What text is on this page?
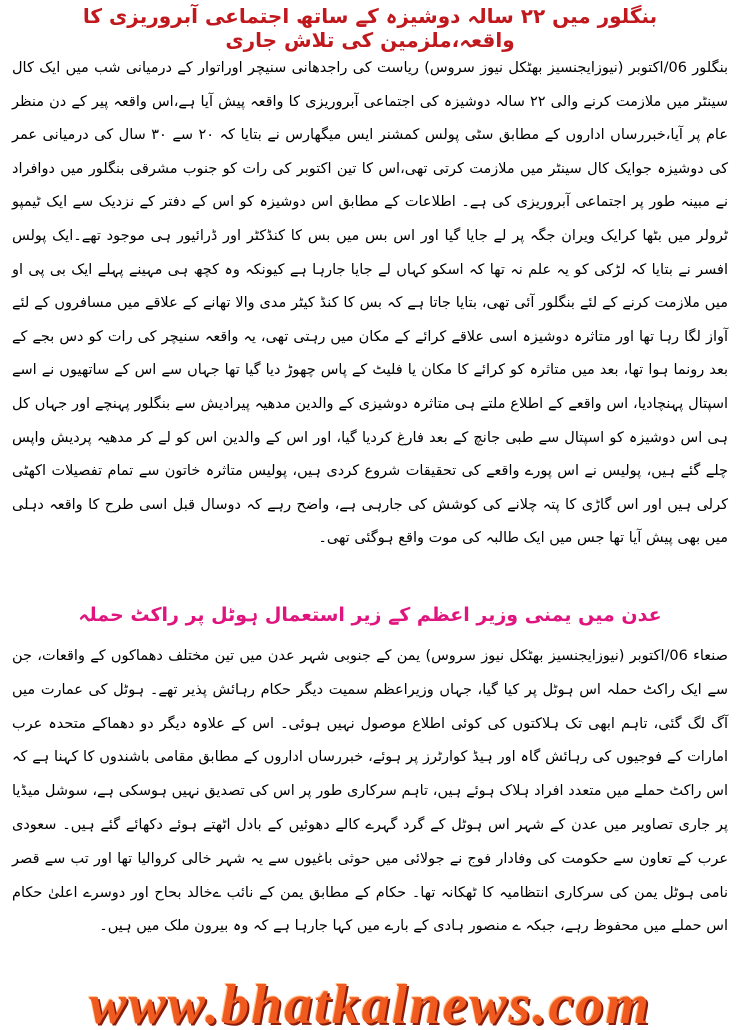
بنگلور میں ۲۲ سالہ دوشیزہ کے ساتھ اجتماعی آبروریزی کا واقعہ،ملزمین کی تلاش جاری

بنگلور 06/اکتوبر (نیوزایجنسیز بھٹکل نیوز سروس) ریاست کی راجدھانی سنیچر اوراتوار کے درمیانی شب میں ایک کال سینٹر میں ملازمت کرنے والی ۲۲ سالہ دوشیزہ کی اجتماعی آبروریزی کا واقعہ پیش آیا ہے،اس واقعہ پیر کے دن منظر عام پر آیا،خبررساں اداروں کے مطابق سٹی پولس کمشنر ایس میگھارس نے بتایا کہ ۲۰ سے ۳۰ سال کی درمیانی عمر کی دوشیزہ جوایک کال سینٹر میں ملازمت کرتی تھی،اس کا تین اکتوبر کی رات کو جنوب مشرقی بنگلور میں دوافراد نے مبینہ طور پر اجتماعی آبروریزی کی ہے۔ اطلاعات کے مطابق اس دوشیزہ کو اس کے دفتر کے نزدیک سے ایک ٹیمپو ٹرولر میں بٹھا کرایک ویران جگہ پر لے جایا گیا اور اس بس میں بس کا کنڈکٹر اور ڈرائیور ہی موجود تھے۔ایک پولس افسر نے بتایا کہ لڑکی کو یہ علم نہ تھا کہ اسکو کہاں لے جایا جارہا ہے کیونکہ وہ کچھ ہی مہینے پہلے ایک بی پی او میں ملازمت کرنے کے لئے بنگلور آئی تھی، بتایا جاتا ہے کہ بس کا کنڈ کیٹر مدی والا تھانے کے علاقے میں مسافروں کے لئے آواز لگا رہا تھا اور متاثرہ دوشیزہ اسی علاقے کرائے کے مکان میں رہتی تھی، یہ واقعہ سنیچر کی رات کو دس بجے کے بعد رونما ہوا تھا، بعد میں متاثرہ کو کرائے کا مکان یا فلیٹ کے پاس چھوڑ دیا گیا تھا جہاں سے اس کے ساتھیوں نے اسے اسپتال پہنچادیا، اس واقعے کے اطلاع ملتے ہی متاثرہ دوشیزی کے والدین مدھیہ پیرادیش سے بنگلور پہنچے اور جہاں کل ہی اس دوشیزہ کو اسپتال سے طبی جانچ کے بعد فارغ کردیا گیا، اور اس کے والدین اس کو لے کر مدھیہ پردیش واپس چلے گئے ہیں، پولیس نے اس پورے واقعے کی تحقیقات شروع کردی ہیں، پولیس متاثرہ خاتون سے تمام تفصیلات اکھٹی کرلی ہیں اور اس گاڑی کا پتہ چلانے کی کوشش کی جارہی ہے، واضح رہے کہ دوسال قبل اسی طرح کا واقعہ دہلی میں بھی پیش آیا تھا جس میں ایک طالبہ کی موت واقع ہوگئی تھی۔

عدن میں یمنی وزیر اعظم کے زیر استعمال ہوٹل پر راکٹ حملہ

صنعاء 06/اکتوبر (نیوزایجنسیز بھٹکل نیوز سروس) یمن کے جنوبی شہر عدن میں تین مختلف دھماکوں کے واقعات، جن سے ایک راکٹ حملہ اس ہوٹل پر کیا گیا، جہاں وزیراعظم سمیت دیگر حکام رہائش پذیر تھے۔ ہوٹل کی عمارت میں آگ لگ گئی، تاہم ابھی تک ہلاکتوں کی کوئی اطلاع موصول نہیں ہوئی۔ اس کے علاوہ دیگر دو دھماکے متحدہ عرب امارات کے فوجیوں کی رہائش گاہ اور ہیڈ کوارٹرز پر ہوئے، خبررساں اداروں کے مطابق مقامی باشندوں کا کہنا ہے کہ اس راکٹ حملے میں متعدد افراد ہلاک ہوئے ہیں، تاہم سرکاری طور پر اس کی تصدیق نہیں ہوسکی ہے، سوشل میڈیا پر جاری تصاویر میں عدن کے شہر اس ہوٹل کے گرد گہرے کالے دھوئیں کے بادل اٹھتے ہوئے دکھائے گئے ہیں۔ سعودی عرب کے تعاون سے حکومت کی وفادار فوج نے جولائی میں حوثی باغیوں سے یہ شہر خالی کروالیا تھا اور تب سے قصر نامی ہوٹل یمن کی سرکاری انتظامیہ کا ٹھکانہ تھا۔ حکام کے مطابق یمن کے نائب ےخالد بحاح اور دوسرے اعلیٰ حکام اس حملے میں محفوظ رہے، جبکہ ے منصور ہادی کے بارے میں کہا جارہا ہے کہ وہ بیرون ملک میں ہیں۔

www.bhatkalnews.com
